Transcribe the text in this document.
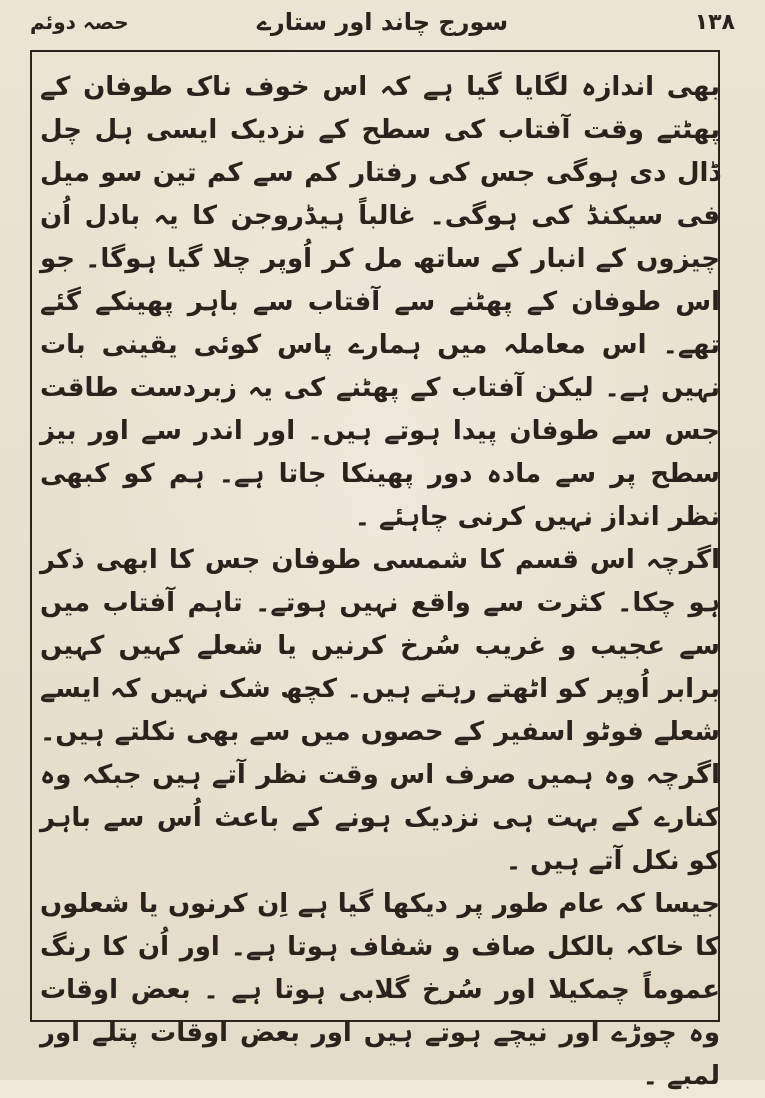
۱۳۸
سورج چاند اور ستارے
حصہ دوئم

بھی اندازہ لگایا گیا ہے کہ اس خوف ناک طوفان کے پھٹتے وقت آفتاب کی سطح کے نزدیک ایسی ہل چل ڈال دی ہوگی جس کی رفتار کم سے کم تین سو میل فی سیکنڈ کی ہوگی۔ غالباً ہیڈروجن کا یہ بادل اُن چیزوں کے انبار کے ساتھ مل کر اُوپر چلا گیا ہوگا۔ جو اس طوفان کے پھٹنے سے آفتاب سے باہر پھینکے گئے تھے۔ اس معاملہ میں ہمارے پاس کوئی یقینی بات نہیں ہے۔ لیکن آفتاب کے پھٹنے کی یہ زبردست طاقت جس سے طوفان پیدا ہوتے ہیں۔ اور اندر سے اور بیز سطح پر سے مادہ دور پھینکا جاتا ہے۔ ہم کو کبھی نظر انداز نہیں کرنی چاہئے ۔

اگرچہ اس قسم کا شمسی طوفان جس کا ابھی ذکر ہو چکا۔ کثرت سے واقع نہیں ہوتے۔ تاہم آفتاب میں سے عجیب و غریب سُرخ کرنیں یا شعلے کہیں کہیں برابر اُوپر کو اٹھتے رہتے ہیں۔ کچھ شک نہیں کہ ایسے شعلے فوٹو اسفیر کے حصوں میں سے بھی نکلتے ہیں۔ اگرچہ وہ ہمیں صرف اس وقت نظر آتے ہیں جبکہ وہ کنارے کے بہت ہی نزدیک ہونے کے باعث اُس سے باہر کو نکل آتے ہیں ۔

جیسا کہ عام طور پر دیکھا گیا ہے اِن کرنوں یا شعلوں کا خاکہ بالکل صاف و شفاف ہوتا ہے۔ اور اُن کا رنگ عموماً چمکیلا اور سُرخ گلابی ہوتا ہے ۔ بعض اوقات وہ چوڑے اور نیچے ہوتے ہیں اور بعض اوقات پتلے اور لمبے ۔
